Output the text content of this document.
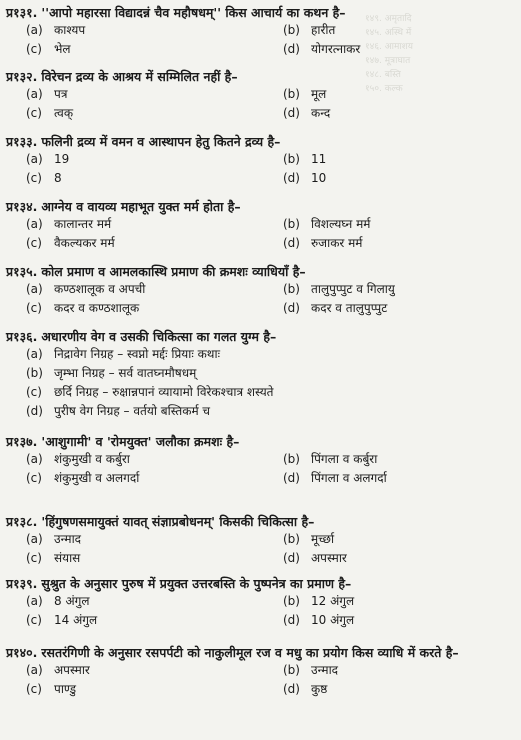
१४९. अमृतादि
१४५. अस्थि में
१४६. आमाशय
१४७. मूत्राघात
१४८. बस्ति
१५०. कल्क
प्र१३१. ''आपो महारसा विद्यादन्नं चैव महौषधम्'' किस आचार्य का कथन है–
(a) काश्यप	(b) हारीत
(c) भेल	(d) योगरत्नाकर
प्र१३२. विरेचन द्रव्य के आश्रय में सम्मिलित नहीं है–
(a) पत्र	(b) मूल
(c) त्वक्	(d) कन्द
प्र१३३. फलिनी द्रव्य में वमन व आस्थापन हेतु कितने द्रव्य है–
(a) 19	(b) 11
(c) 8	(d) 10
प्र१३४. आग्नेय व वायव्य महाभूत युक्त मर्म होता है–
(a) कालान्तर मर्म	(b) विशल्यघ्न मर्म
(c) वैकल्यकर मर्म	(d) रुजाकर मर्म
प्र१३५. कोल प्रमाण व आमलकास्थि प्रमाण की क्रमशः व्याधियाँ है–
(a) कण्ठशालूक व अपची	(b) तालुपुप्पुट व गिलायु
(c) कदर व कण्ठशालूक	(d) कदर व तालुपुप्पुट
प्र१३६. अधारणीय वेग व उसकी चिकित्सा का गलत युग्म है–
(a) निद्रावेग निग्रह – स्वप्नो मर्द्दः प्रियाः कथाः
(b) जृम्भा निग्रह – सर्व वातघ्नमौषधम्
(c) छर्दि निग्रह – रुक्षान्नपानं व्यायामो विरेकश्चात्र शस्यते
(d) पुरीष वेग निग्रह – वर्तयो बस्तिकर्म च
प्र१३७. 'आशुगामी' व 'रोमयुक्त' जलौका क्रमशः है–
(a) शंकुमुखी व कर्बुरा	(b) पिंगला व कर्बुरा
(c) शंकुमुखी व अलगर्दा	(d) पिंगला व अलगर्दा
प्र१३८. 'हिंगुषणसमायुक्तं यावत् संज्ञाप्रबोधनम्' किसकी चिकित्सा है–
(a) उन्माद	(b) मूर्च्छा
(c) संयास	(d) अपस्मार
प्र१३९. सुश्रुत के अनुसार पुरुष में प्रयुक्त उत्तरबस्ति के पुष्पनेत्र का प्रमाण है–
(a) 8 अंगुल	(b) 12 अंगुल
(c) 14 अंगुल	(d) 10 अंगुल
प्र१४०. रसतरंगिणी के अनुसार रसपर्पटी को नाकुलीमूल रज व मधु का प्रयोग किस व्याधि में करते है–
(a) अपस्मार	(b) उन्माद
(c) पाण्डु	(d) कुष्ठ
